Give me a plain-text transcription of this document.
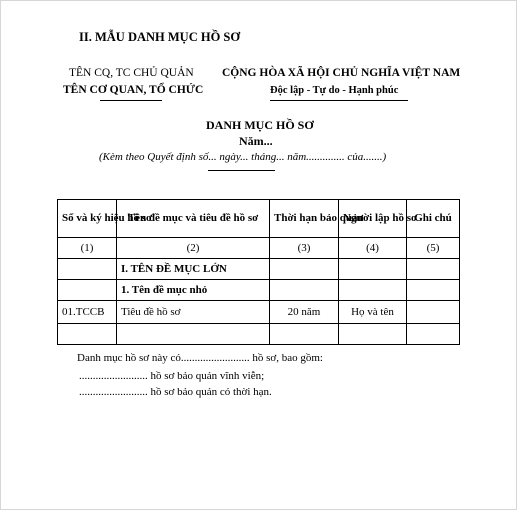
II. MẪU DANH MỤC HỒ SƠ
TÊN CQ, TC CHỦ QUẢN
TÊN CƠ QUAN, TỔ CHỨC
CỘNG HÒA XÃ HỘI CHỦ NGHĨA VIỆT NAM
Độc lập - Tự do - Hạnh phúc
DANH MỤC HỒ SƠ
Năm...
(Kèm theo Quyết định số... ngày... tháng... năm.............. của.......)
Số và ký hiệu hồ sơ	Tên đề mục và tiêu đề hồ sơ	Thời hạn bảo quản	Người lập hồ sơ	Ghi chú
(1)	(2)	(3)	(4)	(5)
	I. TÊN ĐỀ MỤC LỚN			
	1. Tên đề mục nhỏ			
01.TCCB	Tiêu đề hồ sơ	20 năm	Họ và tên	

Danh mục hồ sơ này có......................... hồ sơ, bao gồm:
......................... hồ sơ bảo quản vĩnh viễn;
......................... hồ sơ bảo quản có thời hạn.
